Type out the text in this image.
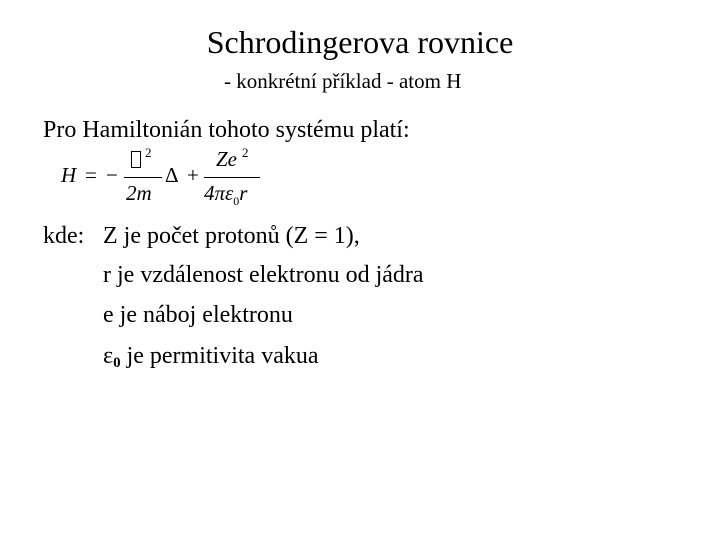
Schrodingerova rovnice
- konkrétní příklad - atom H
Pro Hamiltonián tohoto systému platí:
H = −
2
2m
Δ +
Ze 2
$4\pi\varepsilon_0r$
kde: Z je počet protonů (Z = 1),
r je vzdálenost elektronu od jádra
e je náboj elektronu
ε0 je permitivita vakua
